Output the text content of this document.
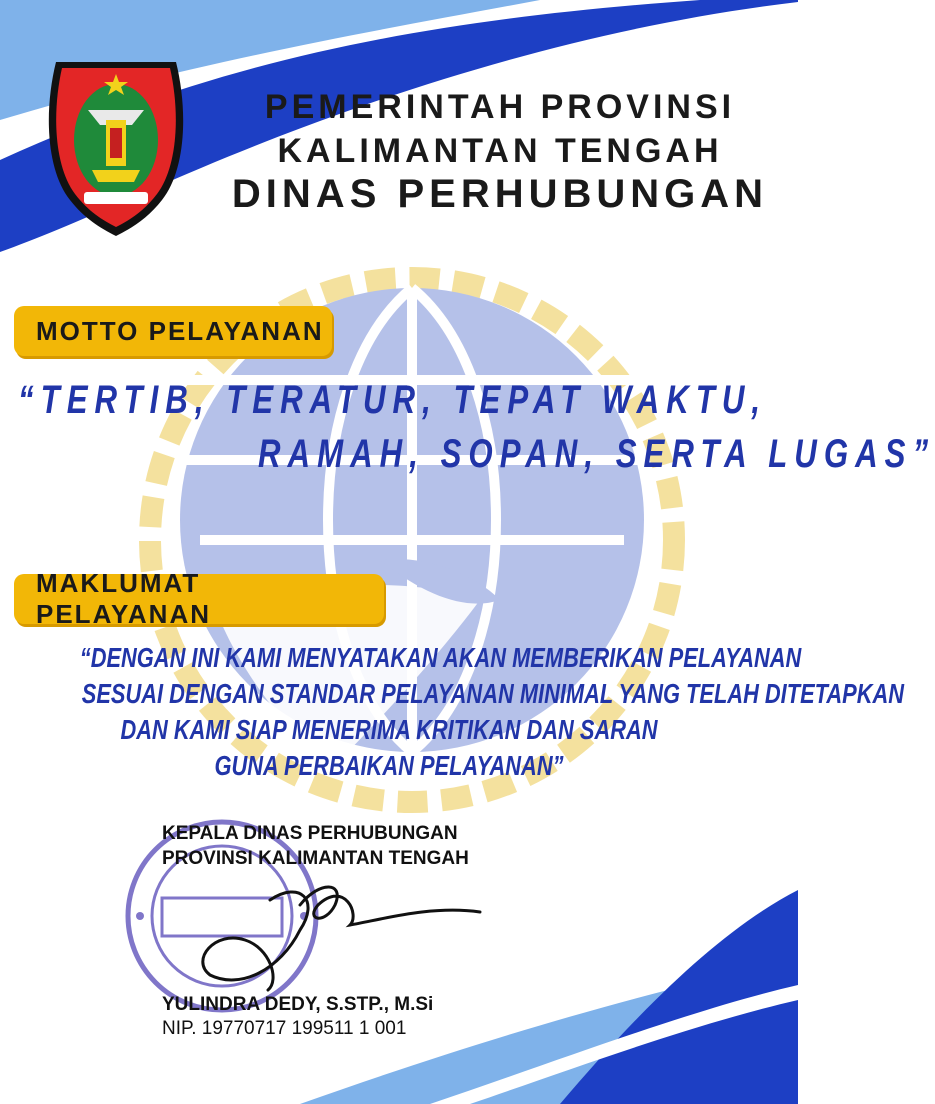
PEMERINTAH PROVINSI
KALIMANTAN TENGAH
DINAS PERHUBUNGAN
MOTTO PELAYANAN
“TERTIB, TERATUR, TEPAT WAKTU,
RAMAH, SOPAN, SERTA LUGAS”
MAKLUMAT PELAYANAN
“DENGAN INI KAMI MENYATAKAN AKAN MEMBERIKAN PELAYANAN
SESUAI DENGAN STANDAR PELAYANAN MINIMAL YANG TELAH DITETAPKAN
DAN KAMI SIAP MENERIMA KRITIKAN DAN SARAN
GUNA PERBAIKAN PELAYANAN”
KEPALA DINAS PERHUBUNGAN
PROVINSI KALIMANTAN TENGAH
YULINDRA DEDY, S.STP., M.Si
NIP. 19770717 199511 1 001
